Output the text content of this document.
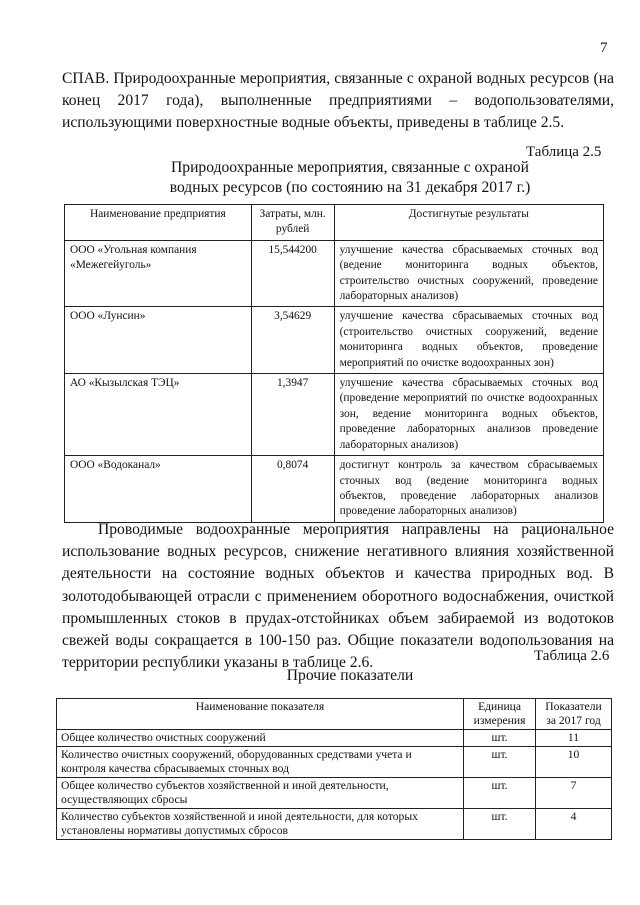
7

СПАВ. Природоохранные мероприятия, связанные с охраной водных ресурсов (на конец 2017 года), выполненные предприятиями – водопользователями, использующими поверхностные водные объекты, приведены в таблице 2.5.

Таблица 2.5
Природоохранные мероприятия, связанные с охраной
водных ресурсов (по состоянию на 31 декабря 2017 г.)
Наименование предприятия	Затраты, млн. рублей	Достигнутые результаты
ООО «Угольная компания «Межегейуголь»	15,544200	улучшение качества сбрасываемых сточных вод (ведение мониторинга водных объектов, строительство очистных сооружений, проведение лабораторных анализов)
ООО «Лунсин»	3,54629	улучшение качества сбрасываемых сточных вод (строительство очистных сооружений, ведение мониторинга водных объектов, проведение мероприятий по очистке водоохранных зон)
АО «Кызылская ТЭЦ»	1,3947	улучшение качества сбрасываемых сточных вод (проведение мероприятий по очистке водоохранных зон, ведение мониторинга водных объектов, проведение лабораторных анализов проведение лабораторных анализов)
ООО «Водоканал»	0,8074	достигнут контроль за качеством сбрасываемых сточных вод (ведение мониторинга водных объектов, проведение лабораторных анализов проведение лабораторных анализов)

Проводимые водоохранные мероприятия направлены на рациональное использование водных ресурсов, снижение негативного влияния хозяйственной деятельности на состояние водных объектов и качества природных вод. В золотодобывающей отрасли с применением оборотного водоснабжения, очисткой промышленных стоков в прудах-отстойниках объем забираемой из водотоков свежей воды сокращается в 100-150 раз. Общие показатели водопользования на территории республики указаны в таблице 2.6.	Таблица 2.6
Прочие показатели
Наименование показателя	Единица измерения	Показатели за 2017 год
Общее количество очистных сооружений	шт.	11
Количество очистных сооружений, оборудованных средствами учета и контроля качества сбрасываемых сточных вод	шт.	10
Общее количество субъектов хозяйственной и иной деятельности, осуществляющих сбросы	шт.	7
Количество субъектов хозяйственной и иной деятельности, для которых установлены нормативы допустимых сбросов	шт.	4
